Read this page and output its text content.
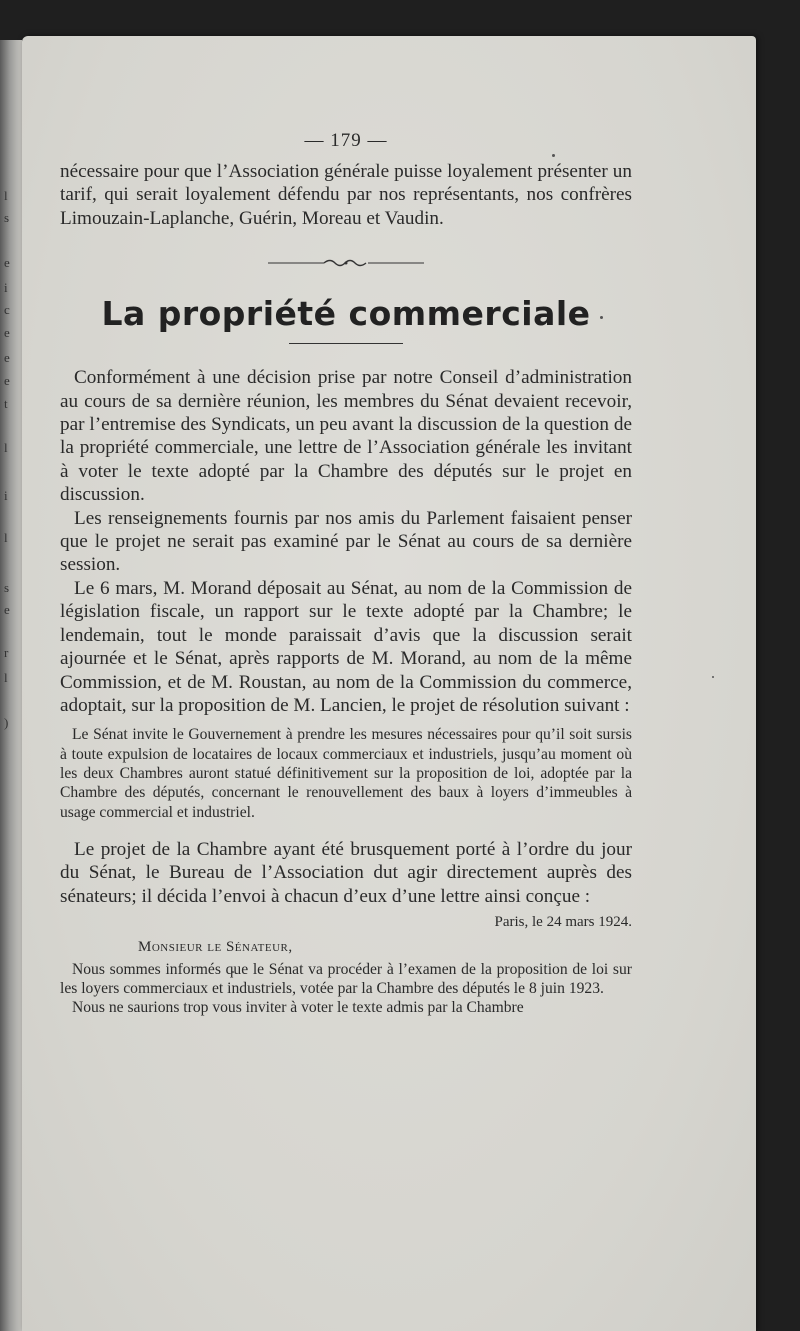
l
s
e
i
c
e
e
e
t
l
i
l
s
e
r
l
)
— 179 —

nécessaire pour que l’Association générale puisse loyalement présenter un tarif, qui serait loyalement défendu par nos représentants, nos confrères Limouzain-Laplanche, Guérin, Moreau et Vaudin.

La propriété commerciale

Conformément à une décision prise par notre Conseil d’administration au cours de sa dernière réunion, les membres du Sénat devaient recevoir, par l’entremise des Syndicats, un peu avant la discussion de la question de la propriété commerciale, une lettre de l’Association générale les invitant à voter le texte adopté par la Chambre des députés sur le projet en discussion.

Les renseignements fournis par nos amis du Parlement faisaient penser que le projet ne serait pas examiné par le Sénat au cours de sa dernière session.

Le 6 mars, M. Morand déposait au Sénat, au nom de la Commission de législation fiscale, un rapport sur le texte adopté par la Chambre; le lendemain, tout le monde paraissait d’avis que la discussion serait ajournée et le Sénat, après rapports de M. Morand, au nom de la même Commission, et de M. Roustan, au nom de la Commission du commerce, adoptait, sur la proposition de M. Lancien, le projet de résolution suivant :

Le Sénat invite le Gouvernement à prendre les mesures nécessaires pour qu’il soit sursis à toute expulsion de locataires de locaux commerciaux et industriels, jusqu’au moment où les deux Chambres auront statué définitivement sur la proposition de loi, adoptée par la Chambre des députés, concernant le renouvellement des baux à loyers d’immeubles à usage commercial et industriel.

Le projet de la Chambre ayant été brusquement porté à l’ordre du jour du Sénat, le Bureau de l’Association dut agir directement auprès des sénateurs; il décida l’envoi à chacun d’eux d’une lettre ainsi conçue :

Paris, le 24 mars 1924.
Monsieur le Sénateur,

Nous sommes informés que le Sénat va procéder à l’examen de la proposition de loi sur les loyers commerciaux et industriels, votée par la Chambre des députés le 8 juin 1923.

Nous ne saurions trop vous inviter à voter le texte admis par la Chambre
